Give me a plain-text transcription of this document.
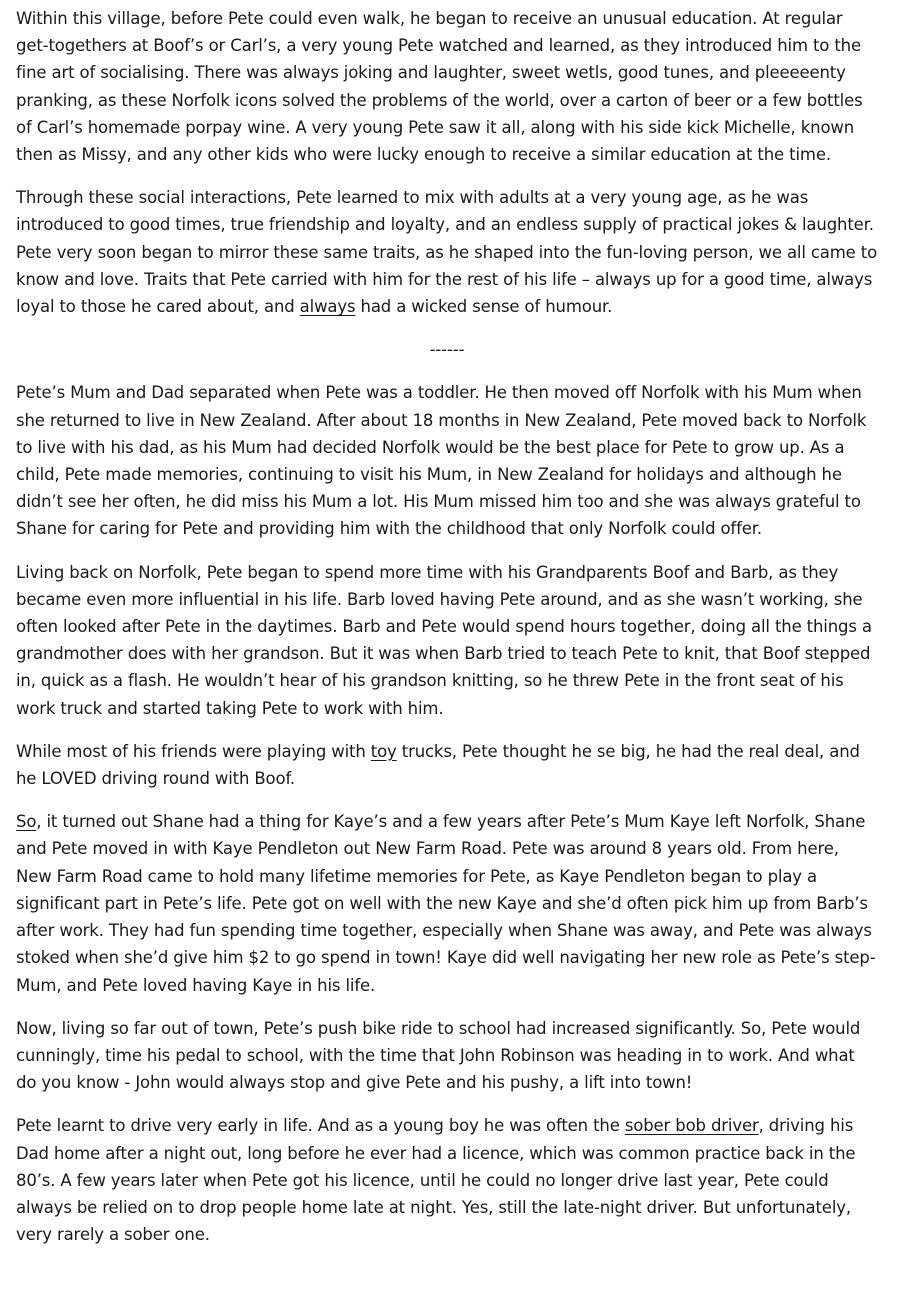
Within this village, before Pete could even walk, he began to receive an unusual education. At regular get-togethers at Boof’s or Carl’s, a very young Pete watched and learned, as they introduced him to the fine art of socialising. There was always joking and laughter, sweet wetls, good tunes, and pleeeeenty pranking, as these Norfolk icons solved the problems of the world, over a carton of beer or a few bottles of Carl’s homemade porpay wine. A very young Pete saw it all, along with his side kick Michelle, known then as Missy, and any other kids who were lucky enough to receive a similar education at the time.

Through these social interactions, Pete learned to mix with adults at a very young age, as he was introduced to good times, true friendship and loyalty, and an endless supply of practical jokes & laughter. Pete very soon began to mirror these same traits, as he shaped into the fun-loving person, we all came to know and love. Traits that Pete carried with him for the rest of his life – always up for a good time, always loyal to those he cared about, and always had a wicked sense of humour.

------

Pete’s Mum and Dad separated when Pete was a toddler. He then moved off Norfolk with his Mum when she returned to live in New Zealand. After about 18 months in New Zealand, Pete moved back to Norfolk to live with his dad, as his Mum had decided Norfolk would be the best place for Pete to grow up. As a child, Pete made memories, continuing to visit his Mum, in New Zealand for holidays and although he didn’t see her often, he did miss his Mum a lot. His Mum missed him too and she was always grateful to Shane for caring for Pete and providing him with the childhood that only Norfolk could offer.

Living back on Norfolk, Pete began to spend more time with his Grandparents Boof and Barb, as they became even more influential in his life. Barb loved having Pete around, and as she wasn’t working, she often looked after Pete in the daytimes. Barb and Pete would spend hours together, doing all the things a grandmother does with her grandson. But it was when Barb tried to teach Pete to knit, that Boof stepped in, quick as a flash. He wouldn’t hear of his grandson knitting, so he threw Pete in the front seat of his work truck and started taking Pete to work with him.

While most of his friends were playing with toy trucks, Pete thought he se big, he had the real deal, and he LOVED driving round with Boof.

So, it turned out Shane had a thing for Kaye’s and a few years after Pete’s Mum Kaye left Norfolk, Shane and Pete moved in with Kaye Pendleton out New Farm Road. Pete was around 8 years old. From here, New Farm Road came to hold many lifetime memories for Pete, as Kaye Pendleton began to play a significant part in Pete’s life. Pete got on well with the new Kaye and she’d often pick him up from Barb’s after work. They had fun spending time together, especially when Shane was away, and Pete was always stoked when she’d give him $2 to go spend in town! Kaye did well navigating her new role as Pete’s step-Mum, and Pete loved having Kaye in his life.

Now, living so far out of town, Pete’s push bike ride to school had increased significantly. So, Pete would cunningly, time his pedal to school, with the time that John Robinson was heading in to work. And what do you know - John would always stop and give Pete and his pushy, a lift into town!

Pete learnt to drive very early in life. And as a young boy he was often the sober bob driver, driving his Dad home after a night out, long before he ever had a licence, which was common practice back in the 80’s. A few years later when Pete got his licence, until he could no longer drive last year, Pete could always be relied on to drop people home late at night. Yes, still the late-night driver. But unfortunately, very rarely a sober one.
